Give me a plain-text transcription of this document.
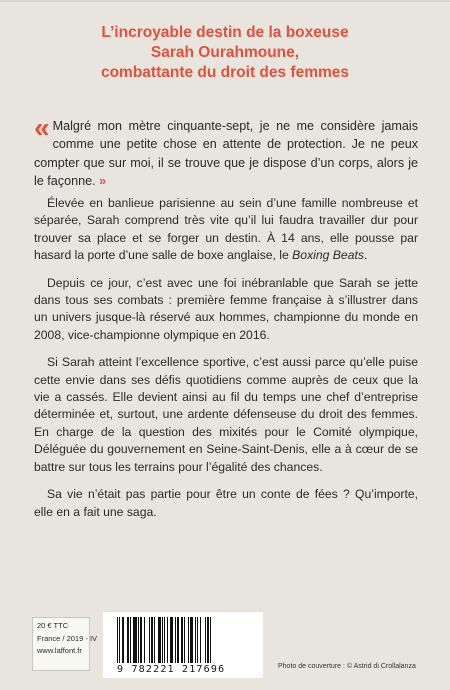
L’incroyable destin de la boxeuse
Sarah Ourahmoune,
combattante du droit des femmes
« Malgré mon mètre cinquante-sept, je ne me considère jamais comme une petite chose en attente de protection. Je ne peux compter que sur moi, il se trouve que je dispose d’un corps, alors je le façonne. »

Élevée en banlieue parisienne au sein d’une famille nombreuse et séparée, Sarah comprend très vite qu’il lui faudra travailler dur pour trouver sa place et se forger un destin. À 14 ans, elle pousse par hasard la porte d’une salle de boxe anglaise, le Boxing Beats.

Depuis ce jour, c’est avec une foi inébranlable que Sarah se jette dans tous ses combats : première femme française à s’illustrer dans un univers jusque-là réservé aux hommes, championne du monde en 2008, vice-championne olympique en 2016.

Si Sarah atteint l’excellence sportive, c’est aussi parce qu’elle puise cette envie dans ses défis quotidiens comme auprès de ceux que la vie a cassés. Elle devient ainsi au fil du temps une chef d’entreprise déterminée et, surtout, une ardente défenseuse du droit des femmes. En charge de la question des mixités pour le Comité olympique, Déléguée du gouvernement en Seine-Saint-Denis, elle a à cœur de se battre sur tous les terrains pour l’égalité des chances.

Sa vie n’était pas partie pour être un conte de fées ? Qu’importe, elle en a fait une saga.

20 € TTC
France / 2019 - IV
www.laffont.fr
9 782221 217696	Photo de couverture : © Astrid di Crollalanza
